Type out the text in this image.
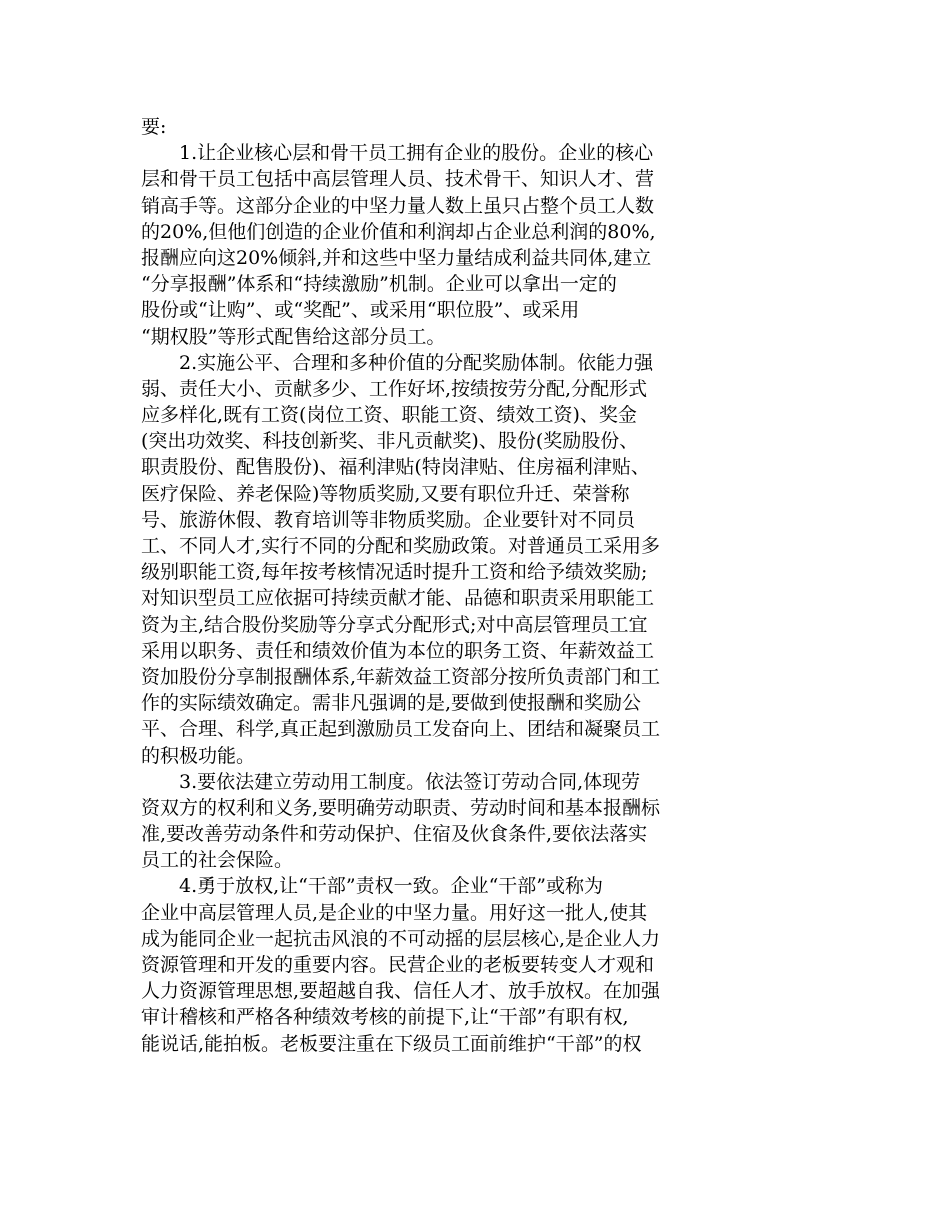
要:
1.让企业核心层和骨干员工拥有企业的股份。企业的核心
层和骨干员工包括中高层管理人员、技术骨干、知识人才、营
销高手等。这部分企业的中坚力量人数上虽只占整个员工人数
的20%,但他们创造的企业价值和利润却占企业总利润的80%,
报酬应向这20%倾斜,并和这些中坚力量结成利益共同体,建立
“分享报酬”体系和“持续激励”机制。企业可以拿出一定的
股份或“让购”、或“奖配”、或采用“职位股”、或采用
“期权股”等形式配售给这部分员工。
2.实施公平、合理和多种价值的分配奖励体制。依能力强
弱、责任大小、贡献多少、工作好坏,按绩按劳分配,分配形式
应多样化,既有工资(岗位工资、职能工资、绩效工资)、奖金
(突出功效奖、科技创新奖、非凡贡献奖)、股份(奖励股份、
职责股份、配售股份)、福利津贴(特岗津贴、住房福利津贴、
医疗保险、养老保险)等物质奖励,又要有职位升迁、荣誉称
号、旅游休假、教育培训等非物质奖励。企业要针对不同员
工、不同人才,实行不同的分配和奖励政策。对普通员工采用多
级别职能工资,每年按考核情况适时提升工资和给予绩效奖励;
对知识型员工应依据可持续贡献才能、品德和职责采用职能工
资为主,结合股份奖励等分享式分配形式;对中高层管理员工宜
采用以职务、责任和绩效价值为本位的职务工资、年薪效益工
资加股份分享制报酬体系,年薪效益工资部分按所负责部门和工
作的实际绩效确定。需非凡强调的是,要做到使报酬和奖励公
平、合理、科学,真正起到激励员工发奋向上、团结和凝聚员工
的积极功能。
3.要依法建立劳动用工制度。依法签订劳动合同,体现劳
资双方的权利和义务,要明确劳动职责、劳动时间和基本报酬标
准,要改善劳动条件和劳动保护、住宿及伙食条件,要依法落实
员工的社会保险。
4.勇于放权,让“干部”责权一致。企业“干部”或称为
企业中高层管理人员,是企业的中坚力量。用好这一批人,使其
成为能同企业一起抗击风浪的不可动摇的层层核心,是企业人力
资源管理和开发的重要内容。民营企业的老板要转变人才观和
人力资源管理思想,要超越自我、信任人才、放手放权。在加强
审计稽核和严格各种绩效考核的前提下,让“干部”有职有权,
能说话,能拍板。老板要注重在下级员工面前维护“干部”的权
